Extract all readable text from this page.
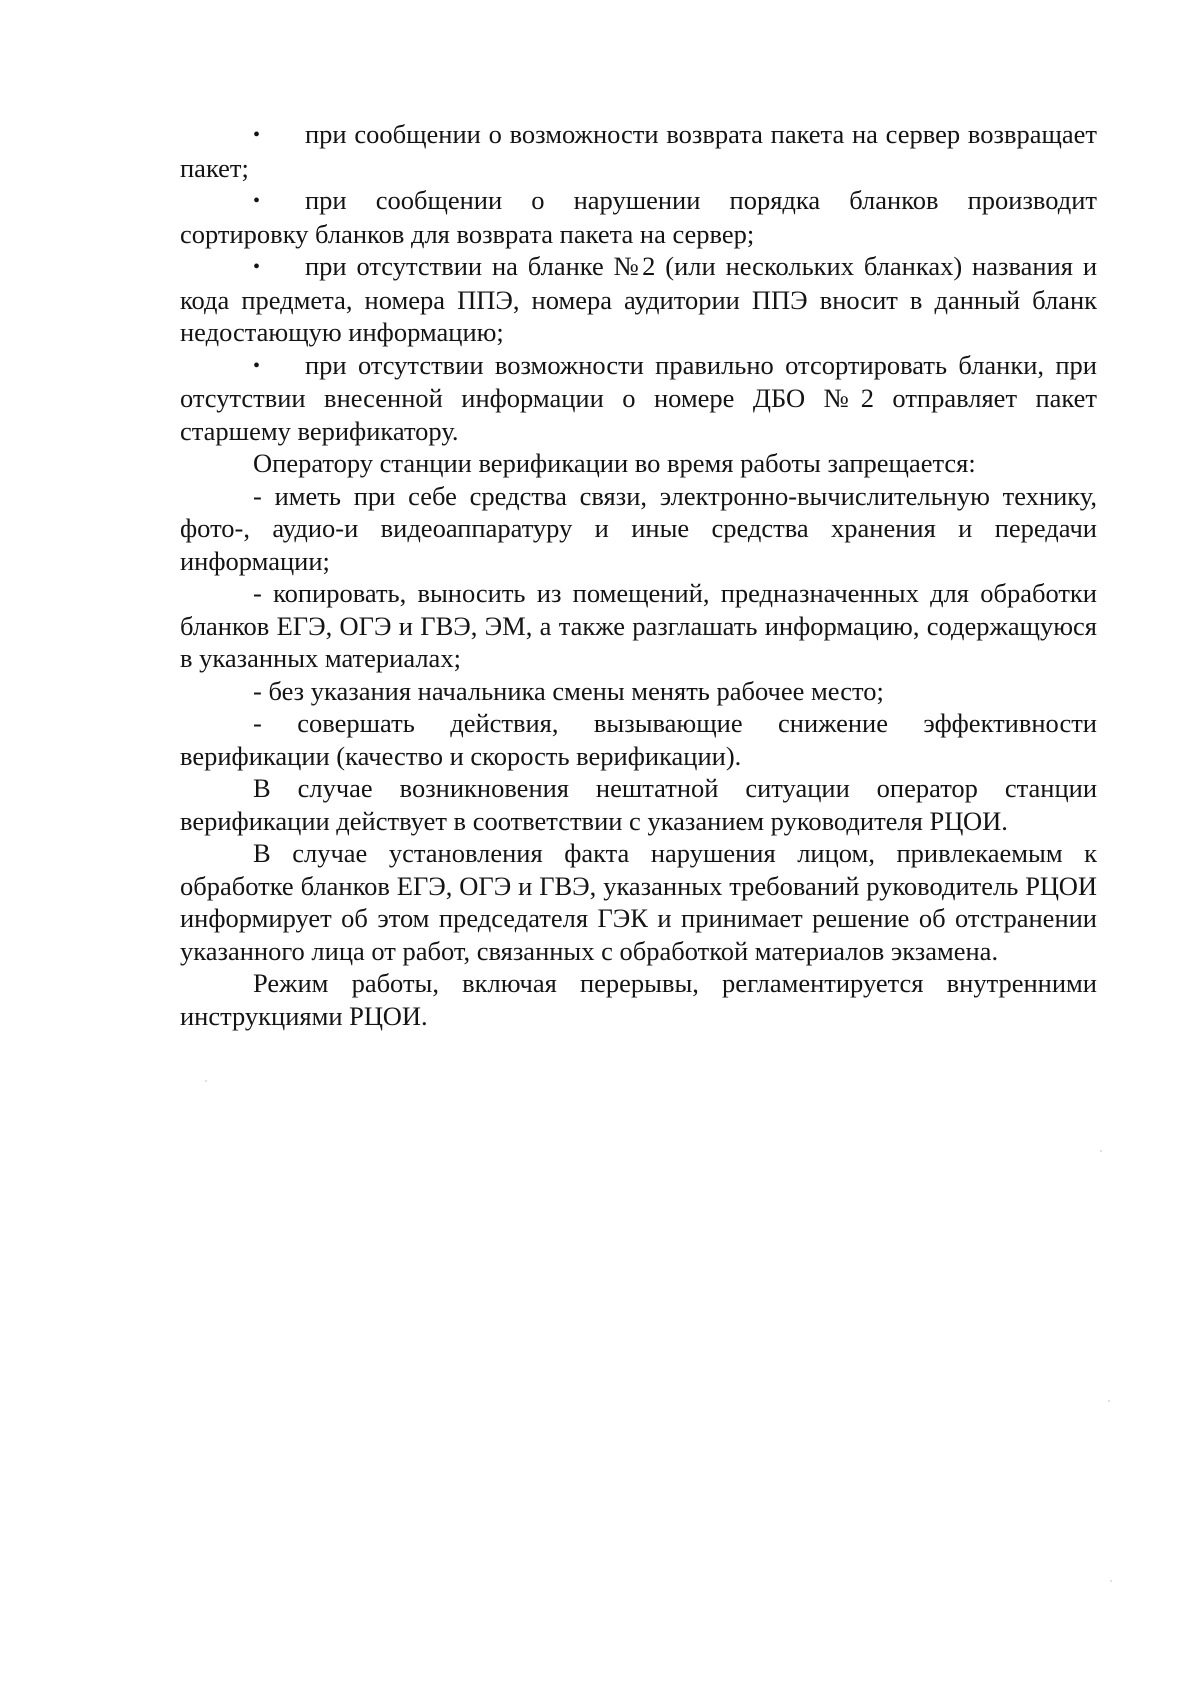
• при сообщении о возможности возврата пакета на сервер возвращает пакет;

• при сообщении о нарушении порядка бланков производит сортировку бланков для возврата пакета на сервер;

• при отсутствии на бланке №2 (или нескольких бланках) названия и кода предмета, номера ППЭ, номера аудитории ППЭ вносит в данный бланк недостающую информацию;

• при отсутствии возможности правильно отсортировать бланки, при отсутствии внесенной информации о номере ДБО №2 отправляет пакет старшему верификатору.

Оператору станции верификации во время работы запрещается:

- иметь при себе средства связи, электронно-вычислительную технику, фото-, аудио-и видеоаппаратуру и иные средства хранения и передачи информации;

- копировать, выносить из помещений, предназначенных для обработки бланков ЕГЭ, ОГЭ и ГВЭ, ЭМ, а также разглашать информацию, содержащуюся в указанных материалах;

- без указания начальника смены менять рабочее место;

- совершать действия, вызывающие снижение эффективности верификации (качество и скорость верификации).

В случае возникновения нештатной ситуации оператор станции верификации действует в соответствии с указанием руководителя РЦОИ.

В случае установления факта нарушения лицом, привлекаемым к обработке бланков ЕГЭ, ОГЭ и ГВЭ, указанных требований руководитель РЦОИ информирует об этом председателя ГЭК и принимает решение об отстранении указанного лица от работ, связанных с обработкой материалов экзамена.

Режим работы, включая перерывы, регламентируется внутренними инструкциями РЦОИ.
